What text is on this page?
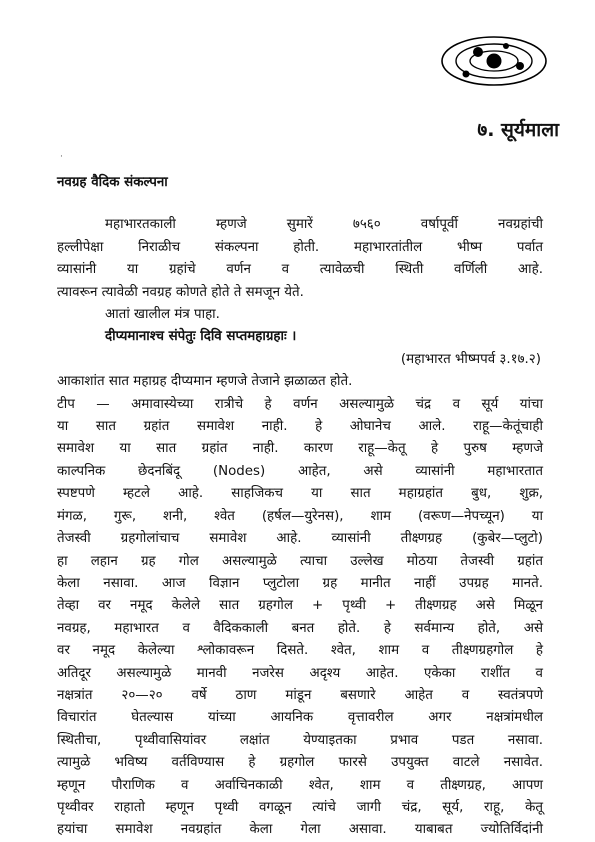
७. सूर्यमाला
·

नवग्रह वैदिक संकल्पना

महाभारतकाली म्हणजे सुमारें ७५६० वर्षापूर्वी नवग्रहांची

हल्लीपेक्षा निराळीच संकल्पना होती. महाभारतांतील भीष्म पर्वात

व्यासांनी या ग्रहांचे वर्णन व त्यावेळची स्थिती वर्णिली आहे.

त्यावरून त्यावेळी नवग्रह कोणते होते ते समजून येते.

आतां खालील मंत्र पाहा.

दीप्यमानाश्च संपेतुः दिवि सप्तमहाग्रहाः ।

(महाभारत भीष्मपर्व ३.१७.२)

आकाशांत सात महाग्रह दीप्यमान म्हणजे तेजाने झळाळत होते.

टीप — अमावास्येच्या रात्रीचे हे वर्णन असल्यामुळे चंद्र व सूर्य यांचा

या सात ग्रहांत समावेश नाही. हे ओघानेच आले. राहू—केतूंचाही

समावेश या सात ग्रहांत नाही. कारण राहू—केतू हे पुरुष म्हणजे

काल्पनिक छेदनबिंदू (Nodes) आहेत, असे व्यासांनी महाभारतात

स्पष्टपणे म्हटले आहे. साहजिकच या सात महाग्रहांत बुध, शुक्र,

मंगळ, गुरू, शनी, श्वेत (हर्षल—युरेनस), शाम (वरूण—नेपच्यून) या

तेजस्वी ग्रहगोलांचाच समावेश आहे. व्यासांनी तीक्ष्णग्रह (कुबेर—प्लुटो)

हा लहान ग्रह गोल असल्यामुळे त्याचा उल्लेख मोठया तेजस्वी ग्रहांत

केला नसावा. आज विज्ञान प्लुटोला ग्रह मानीत नाहीं उपग्रह मानते.

तेव्हा वर नमूद केलेले सात ग्रहगोल + पृथ्वी + तीक्ष्णग्रह असे मिळून

नवग्रह, महाभारत व वैदिककाली बनत होते. हे सर्वमान्य होते, असे

वर नमूद केलेल्या श्लोकावरून दिसते. श्वेत, शाम व तीक्ष्णग्रहगोल हे

अतिदूर असल्यामुळे मानवी नजरेस अदृश्य आहेत. एकेका राशींत व

नक्षत्रांत २०—२० वर्षे ठाण मांडून बसणारे आहेत व स्वतंत्रपणे

विचारांत घेतल्यास यांच्या आयनिक वृत्तावरील अगर नक्षत्रांमधील

स्थितीचा, पृथ्वीवासियांवर लक्षांत येण्याइतका प्रभाव पडत नसावा.

त्यामुळे भविष्य वर्तविण्यास हे ग्रहगोल फारसे उपयुक्त वाटले नसावेत.

म्हणून पौराणिक व अर्वाचिनकाळी श्वेत, शाम व तीक्ष्णग्रह, आपण

पृथ्वीवर राहातो म्हणून पृथ्वी वगळून त्यांचे जागी चंद्र, सूर्य, राहू, केतू

हयांचा समावेश नवग्रहांत केला गेला असावा. याबाबत ज्योतिर्विदांनी
